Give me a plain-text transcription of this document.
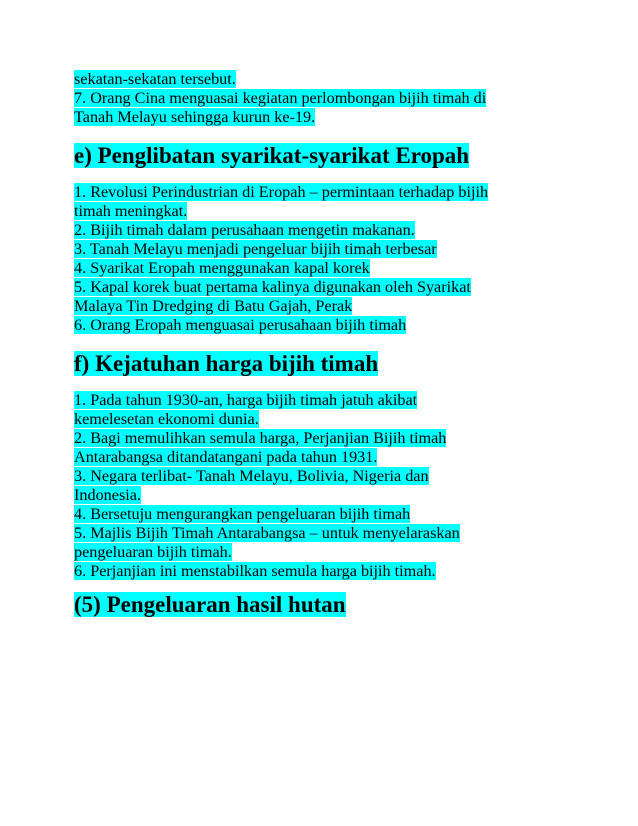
sekatan-sekatan tersebut.
7. Orang Cina menguasai kegiatan perlombongan bijih timah di
Tanah Melayu sehingga kurun ke-19.

e) Penglibatan syarikat-syarikat Eropah

1. Revolusi Perindustrian di Eropah – permintaan terhadap bijih
timah meningkat.
2. Bijih timah dalam perusahaan mengetin makanan.
3. Tanah Melayu menjadi pengeluar bijih timah terbesar
4. Syarikat Eropah menggunakan kapal korek
5. Kapal korek buat pertama kalinya digunakan oleh Syarikat
Malaya Tin Dredging di Batu Gajah, Perak
6. Orang Eropah menguasai perusahaan bijih timah

f) Kejatuhan harga bijih timah

1. Pada tahun 1930-an, harga bijih timah jatuh akibat
kemelesetan ekonomi dunia.
2. Bagi memulihkan semula harga, Perjanjian Bijih timah
Antarabangsa ditandatangani pada tahun 1931.
3. Negara terlibat- Tanah Melayu, Bolivia, Nigeria dan
Indonesia.
4. Bersetuju mengurangkan pengeluaran bijih timah
5. Majlis Bijih Timah Antarabangsa – untuk menyelaraskan
pengeluaran bijih timah.
6. Perjanjian ini menstabilkan semula harga bijih timah.

(5) Pengeluaran hasil hutan
